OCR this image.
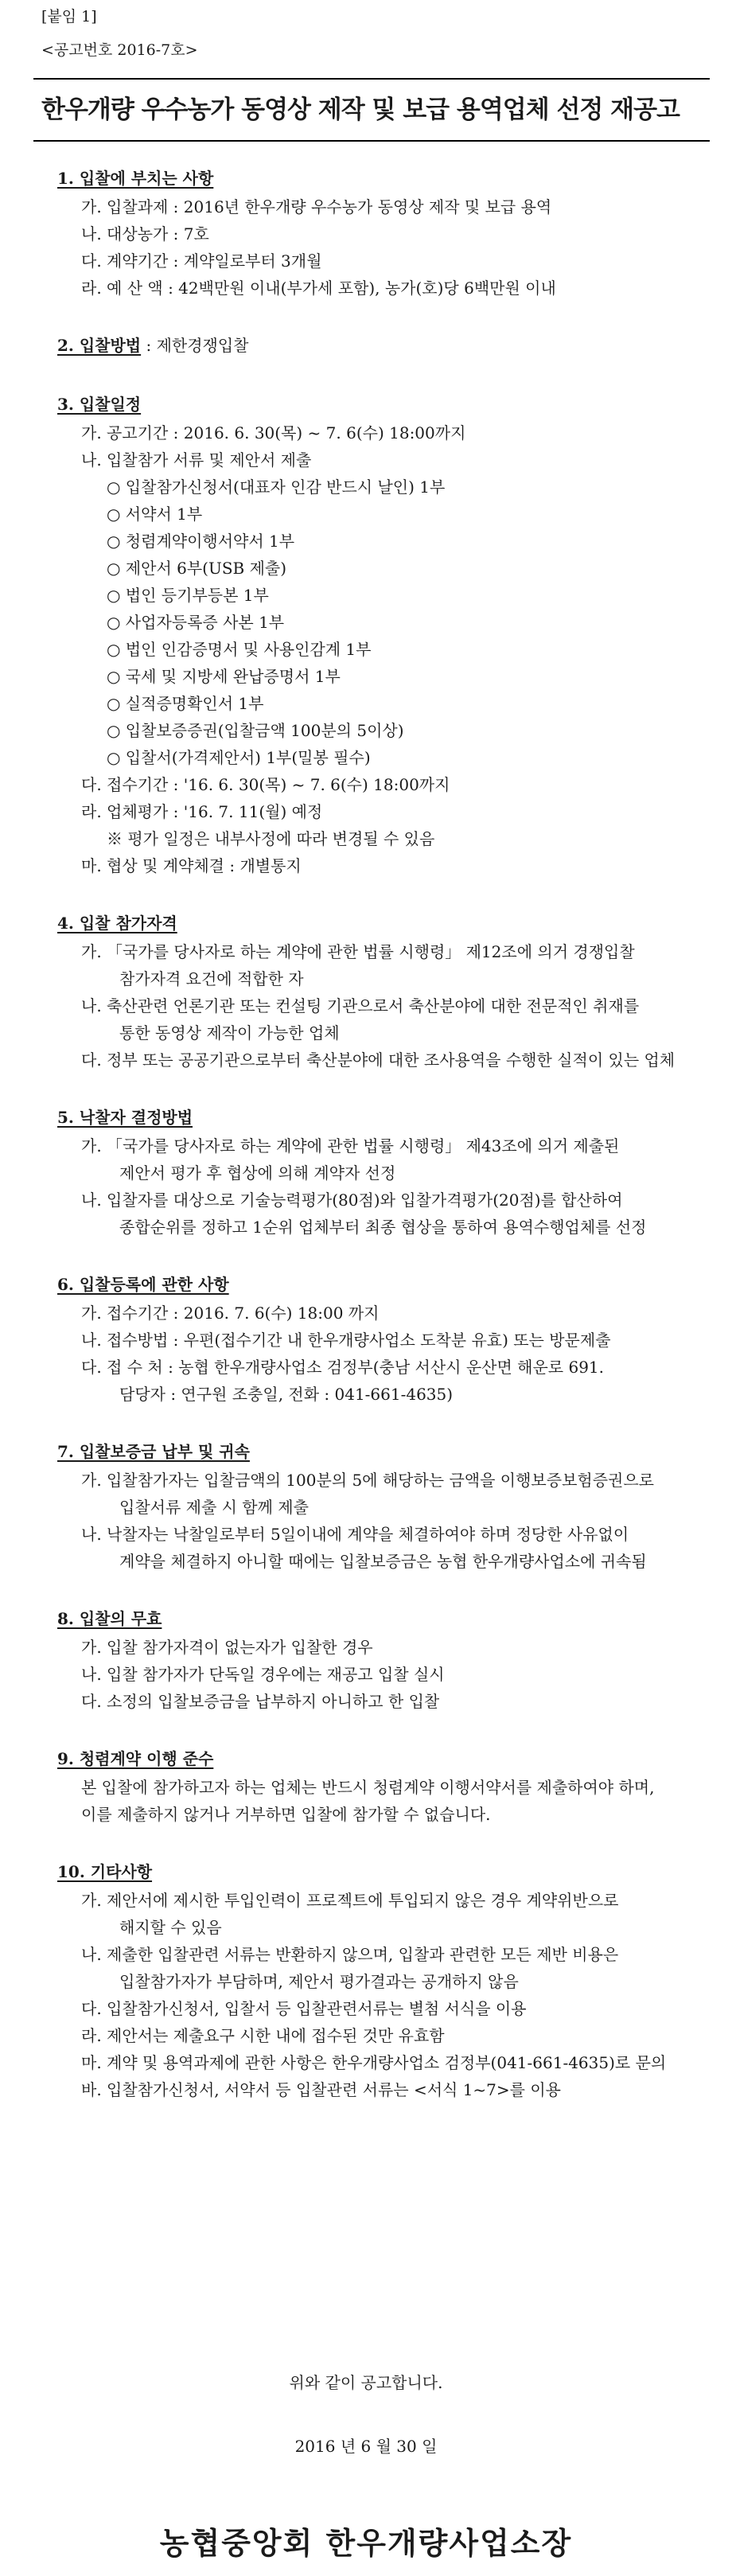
[붙임 1]
<공고번호 2016-7호>
한우개량 우수농가 동영상 제작 및 보급 용역업체 선정 재공고
1. 입찰에 부치는 사항
가. 입찰과제 : 2016년 한우개량 우수농가 동영상 제작 및 보급 용역
나. 대상농가 : 7호
다. 계약기간 : 계약일로부터 3개월
라. 예 산 액 : 42백만원 이내(부가세 포함), 농가(호)당 6백만원 이내
2. 입찰방법 : 제한경쟁입찰
3. 입찰일정
가. 공고기간 : 2016. 6. 30(목) ~ 7. 6(수) 18:00까지
나. 입찰참가 서류 및 제안서 제출
○ 입찰참가신청서(대표자 인감 반드시 날인) 1부
○ 서약서 1부
○ 청렴계약이행서약서 1부
○ 제안서 6부(USB 제출)
○ 법인 등기부등본 1부
○ 사업자등록증 사본 1부
○ 법인 인감증명서 및 사용인감계 1부
○ 국세 및 지방세 완납증명서 1부
○ 실적증명확인서 1부
○ 입찰보증증권(입찰금액 100분의 5이상)
○ 입찰서(가격제안서) 1부(밀봉 필수)
다. 접수기간 : '16. 6. 30(목) ~ 7. 6(수) 18:00까지
라. 업체평가 : '16. 7. 11(월) 예정
※ 평가 일정은 내부사정에 따라 변경될 수 있음
마. 협상 및 계약체결 : 개별통지
4. 입찰 참가자격
가. 「국가를 당사자로 하는 계약에 관한 법률 시행령」 제12조에 의거 경쟁입찰
참가자격 요건에 적합한 자
나. 축산관련 언론기관 또는 컨설팅 기관으로서 축산분야에 대한 전문적인 취재를
통한 동영상 제작이 가능한 업체
다. 정부 또는 공공기관으로부터 축산분야에 대한 조사용역을 수행한 실적이 있는 업체
5. 낙찰자 결정방법
가. 「국가를 당사자로 하는 계약에 관한 법률 시행령」 제43조에 의거 제출된
제안서 평가 후 협상에 의해 계약자 선정
나. 입찰자를 대상으로 기술능력평가(80점)와 입찰가격평가(20점)를 합산하여
종합순위를 정하고 1순위 업체부터 최종 협상을 통하여 용역수행업체를 선정
6. 입찰등록에 관한 사항
가. 접수기간 : 2016. 7. 6(수) 18:00 까지
나. 접수방법 : 우편(접수기간 내 한우개량사업소 도착분 유효) 또는 방문제출
다. 접 수 처 : 농협 한우개량사업소 검정부(충남 서산시 운산면 해운로 691.
담당자 : 연구원 조충일, 전화 : 041-661-4635)
7. 입찰보증금 납부 및 귀속
가. 입찰참가자는 입찰금액의 100분의 5에 해당하는 금액을 이행보증보험증권으로
입찰서류 제출 시 함께 제출
나. 낙찰자는 낙찰일로부터 5일이내에 계약을 체결하여야 하며 정당한 사유없이
계약을 체결하지 아니할 때에는 입찰보증금은 농협 한우개량사업소에 귀속됨
8. 입찰의 무효
가. 입찰 참가자격이 없는자가 입찰한 경우
나. 입찰 참가자가 단독일 경우에는 재공고 입찰 실시
다. 소정의 입찰보증금을 납부하지 아니하고 한 입찰
9. 청렴계약 이행 준수
본 입찰에 참가하고자 하는 업체는 반드시 청렴계약 이행서약서를 제출하여야 하며,
이를 제출하지 않거나 거부하면 입찰에 참가할 수 없습니다.
10. 기타사항
가. 제안서에 제시한 투입인력이 프로젝트에 투입되지 않은 경우 계약위반으로
해지할 수 있음
나. 제출한 입찰관련 서류는 반환하지 않으며, 입찰과 관련한 모든 제반 비용은
입찰참가자가 부담하며, 제안서 평가결과는 공개하지 않음
다. 입찰참가신청서, 입찰서 등 입찰관련서류는 별첨 서식을 이용
라. 제안서는 제출요구 시한 내에 접수된 것만 유효함
마. 계약 및 용역과제에 관한 사항은 한우개량사업소 검정부(041-661-4635)로 문의
바. 입찰참가신청서, 서약서 등 입찰관련 서류는 <서식 1~7>를 이용
위와 같이 공고합니다.
2016 년 6 월 30 일
농협중앙회 한우개량사업소장
